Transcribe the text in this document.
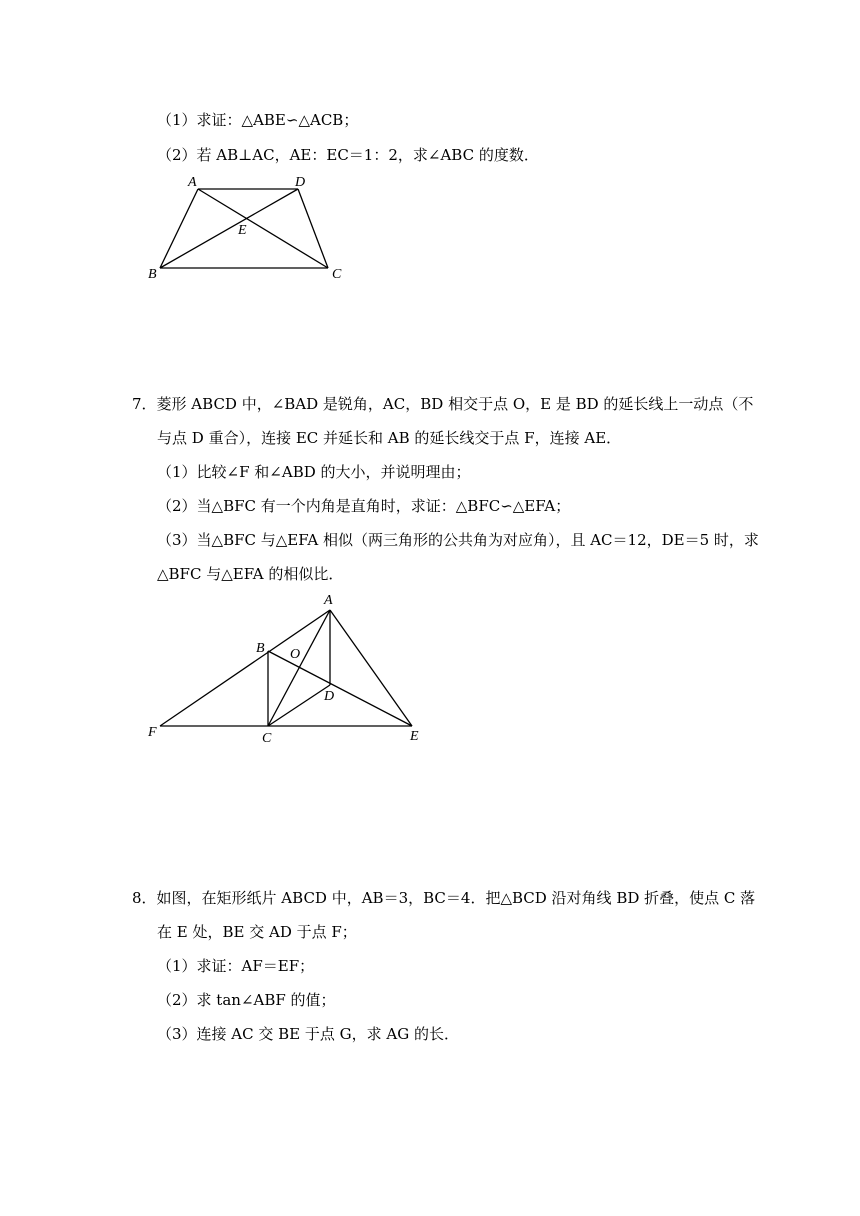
（1）求证：△ABE∽△ACB；
（2）若 AB⊥AC，AE：EC＝1：2，求∠ABC 的度数．
A	D
E
B	C
7．菱形 ABCD 中，∠BAD 是锐角，AC，BD 相交于点 O，E 是 BD 的延长线上一动点（不
与点 D 重合），连接 EC 并延长和 AB 的延长线交于点 F，连接 AE．
（1）比较∠F 和∠ABD 的大小，并说明理由；
（2）当△BFC 有一个内角是直角时，求证：△BFC∽△EFA；
（3）当△BFC 与△EFA 相似（两三角形的公共角为对应角），且 AC＝12，DE＝5 时，求
△BFC 与△EFA 的相似比．
A
B O
D
F	C	E
8．如图，在矩形纸片 ABCD 中，AB＝3，BC＝4．把△BCD 沿对角线 BD 折叠，使点 C 落
在 E 处，BE 交 AD 于点 F；
（1）求证：AF＝EF；
（2）求 tan∠ABF 的值；
（3）连接 AC 交 BE 于点 G，求 AG 的长．
